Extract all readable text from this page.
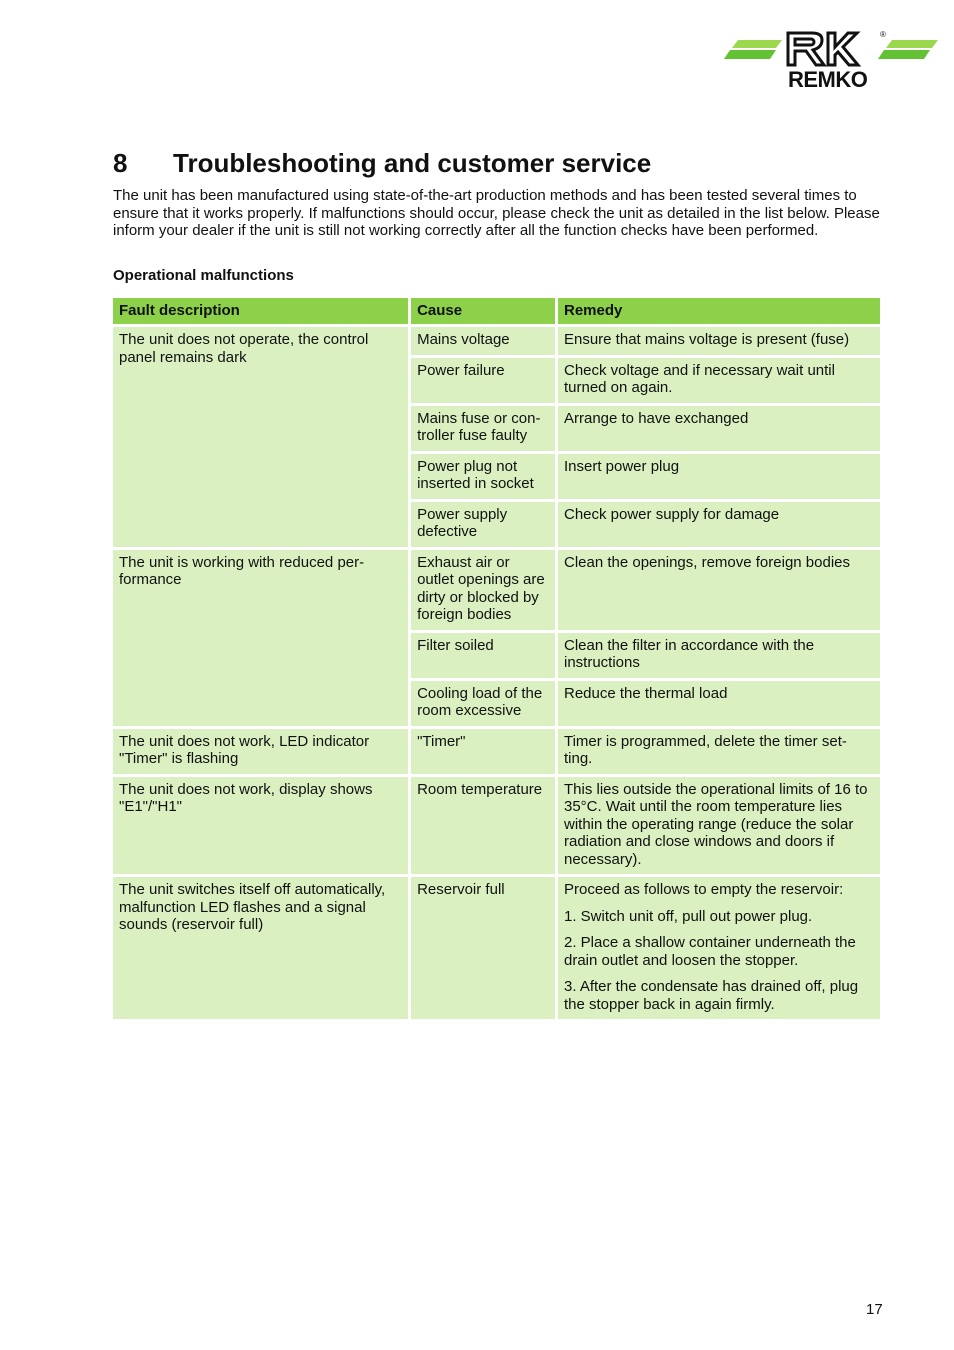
®
REMKO
8 Troubleshooting and customer service

The unit has been manufactured using state-of-the-art production methods and has been tested several times to ensure that it works properly. If malfunctions should occur, please check the unit as detailed in the list below. Please inform your dealer if the unit is still not working correctly after all the function checks have been performed.

Operational malfunctions

Fault description	Cause	Remedy
The unit does not operate, the control panel remains dark	Mains voltage	Ensure that mains voltage is present (fuse)
	Power failure	Check voltage and if necessary wait until turned on again.
	Mains fuse or con-troller fuse faulty	Arrange to have exchanged
	Power plug not inserted in socket	Insert power plug
	Power supply defective	Check power supply for damage
The unit is working with reduced per-formance	Exhaust air or outlet openings are dirty or blocked by foreign bodies	Clean the openings, remove foreign bodies
	Filter soiled	Clean the filter in accordance with the instructions
	Cooling load of the room excessive	Reduce the thermal load
The unit does not work, LED indicator "Timer" is flashing	"Timer"	Timer is programmed, delete the timer set-ting.
The unit does not work, display shows "E1"/"H1"	Room temperature	This lies outside the operational limits of 16 to 35°C. Wait until the room temperature lies within the operating range (reduce the solar radiation and close windows and doors if necessary).
The unit switches itself off automatically, malfunction LED flashes and a signal sounds (reservoir full)	Reservoir full	Proceed as follows to empty the reservoir:

1. Switch unit off, pull out power plug.

2. Place a shallow container underneath the drain outlet and loosen the stopper.

3. After the condensate has drained off, plug the stopper back in again firmly.

17
